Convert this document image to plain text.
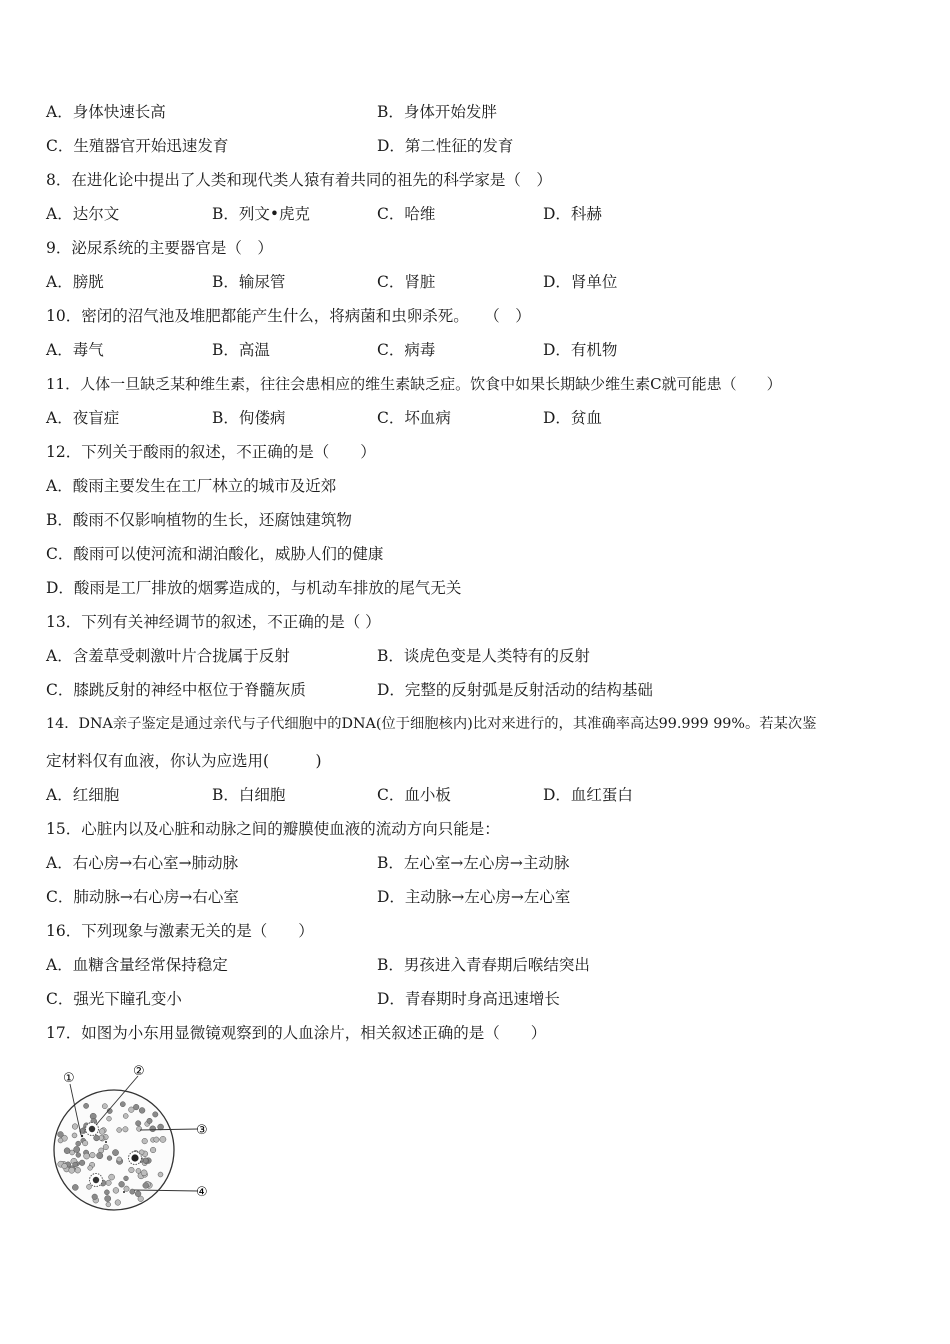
A．身体快速长高	B．身体开始发胖
C．生殖器官开始迅速发育	D．第二性征的发育
8．在进化论中提出了人类和现代类人猿有着共同的祖先的科学家是（　）
A．达尔文	B．列文•虎克	C．哈维	D．科赫
9．泌尿系统的主要器官是（　）
A．膀胱	B．输尿管	C．肾脏	D．肾单位
10．密闭的沼气池及堆肥都能产生什么，将病菌和虫卵杀死。　　（　）
A．毒气	B．高温	C．病毒	D．有机物
11．人体一旦缺乏某种维生素，往往会患相应的维生素缺乏症。饮食中如果长期缺少维生素C就可能患（　　）
A．夜盲症	B．佝偻病	C．坏血病	D．贫血
12．下列关于酸雨的叙述，不正确的是（　　）
A．酸雨主要发生在工厂林立的城市及近郊
B．酸雨不仅影响植物的生长，还腐蚀建筑物
C．酸雨可以使河流和湖泊酸化，威胁人们的健康
D．酸雨是工厂排放的烟雾造成的，与机动车排放的尾气无关
13．下列有关神经调节的叙述，不正确的是（ ）
A．含羞草受刺激叶片合拢属于反射	B．谈虎色变是人类特有的反射
C．膝跳反射的神经中枢位于脊髓灰质	D．完整的反射弧是反射活动的结构基础
14．DNA亲子鉴定是通过亲代与子代细胞中的DNA(位于细胞核内)比对来进行的，其准确率高达99.999 99%。若某次鉴
定材料仅有血液，你认为应选用(　　　)
A．红细胞	B．白细胞	C．血小板	D．血红蛋白
15．心脏内以及心脏和动脉之间的瓣膜使血液的流动方向只能是：
A．右心房→右心室→肺动脉	B．左心室→左心房→主动脉
C．肺动脉→右心房→右心室	D．主动脉→左心房→左心室
16．下列现象与激素无关的是（　　）
A．血糖含量经常保持稳定	B．男孩进入青春期后喉结突出
C．强光下瞳孔变小	D．青春期时身高迅速增长
17．如图为小东用显微镜观察到的人血涂片，相关叙述正确的是（　　）
①	②
③
④
